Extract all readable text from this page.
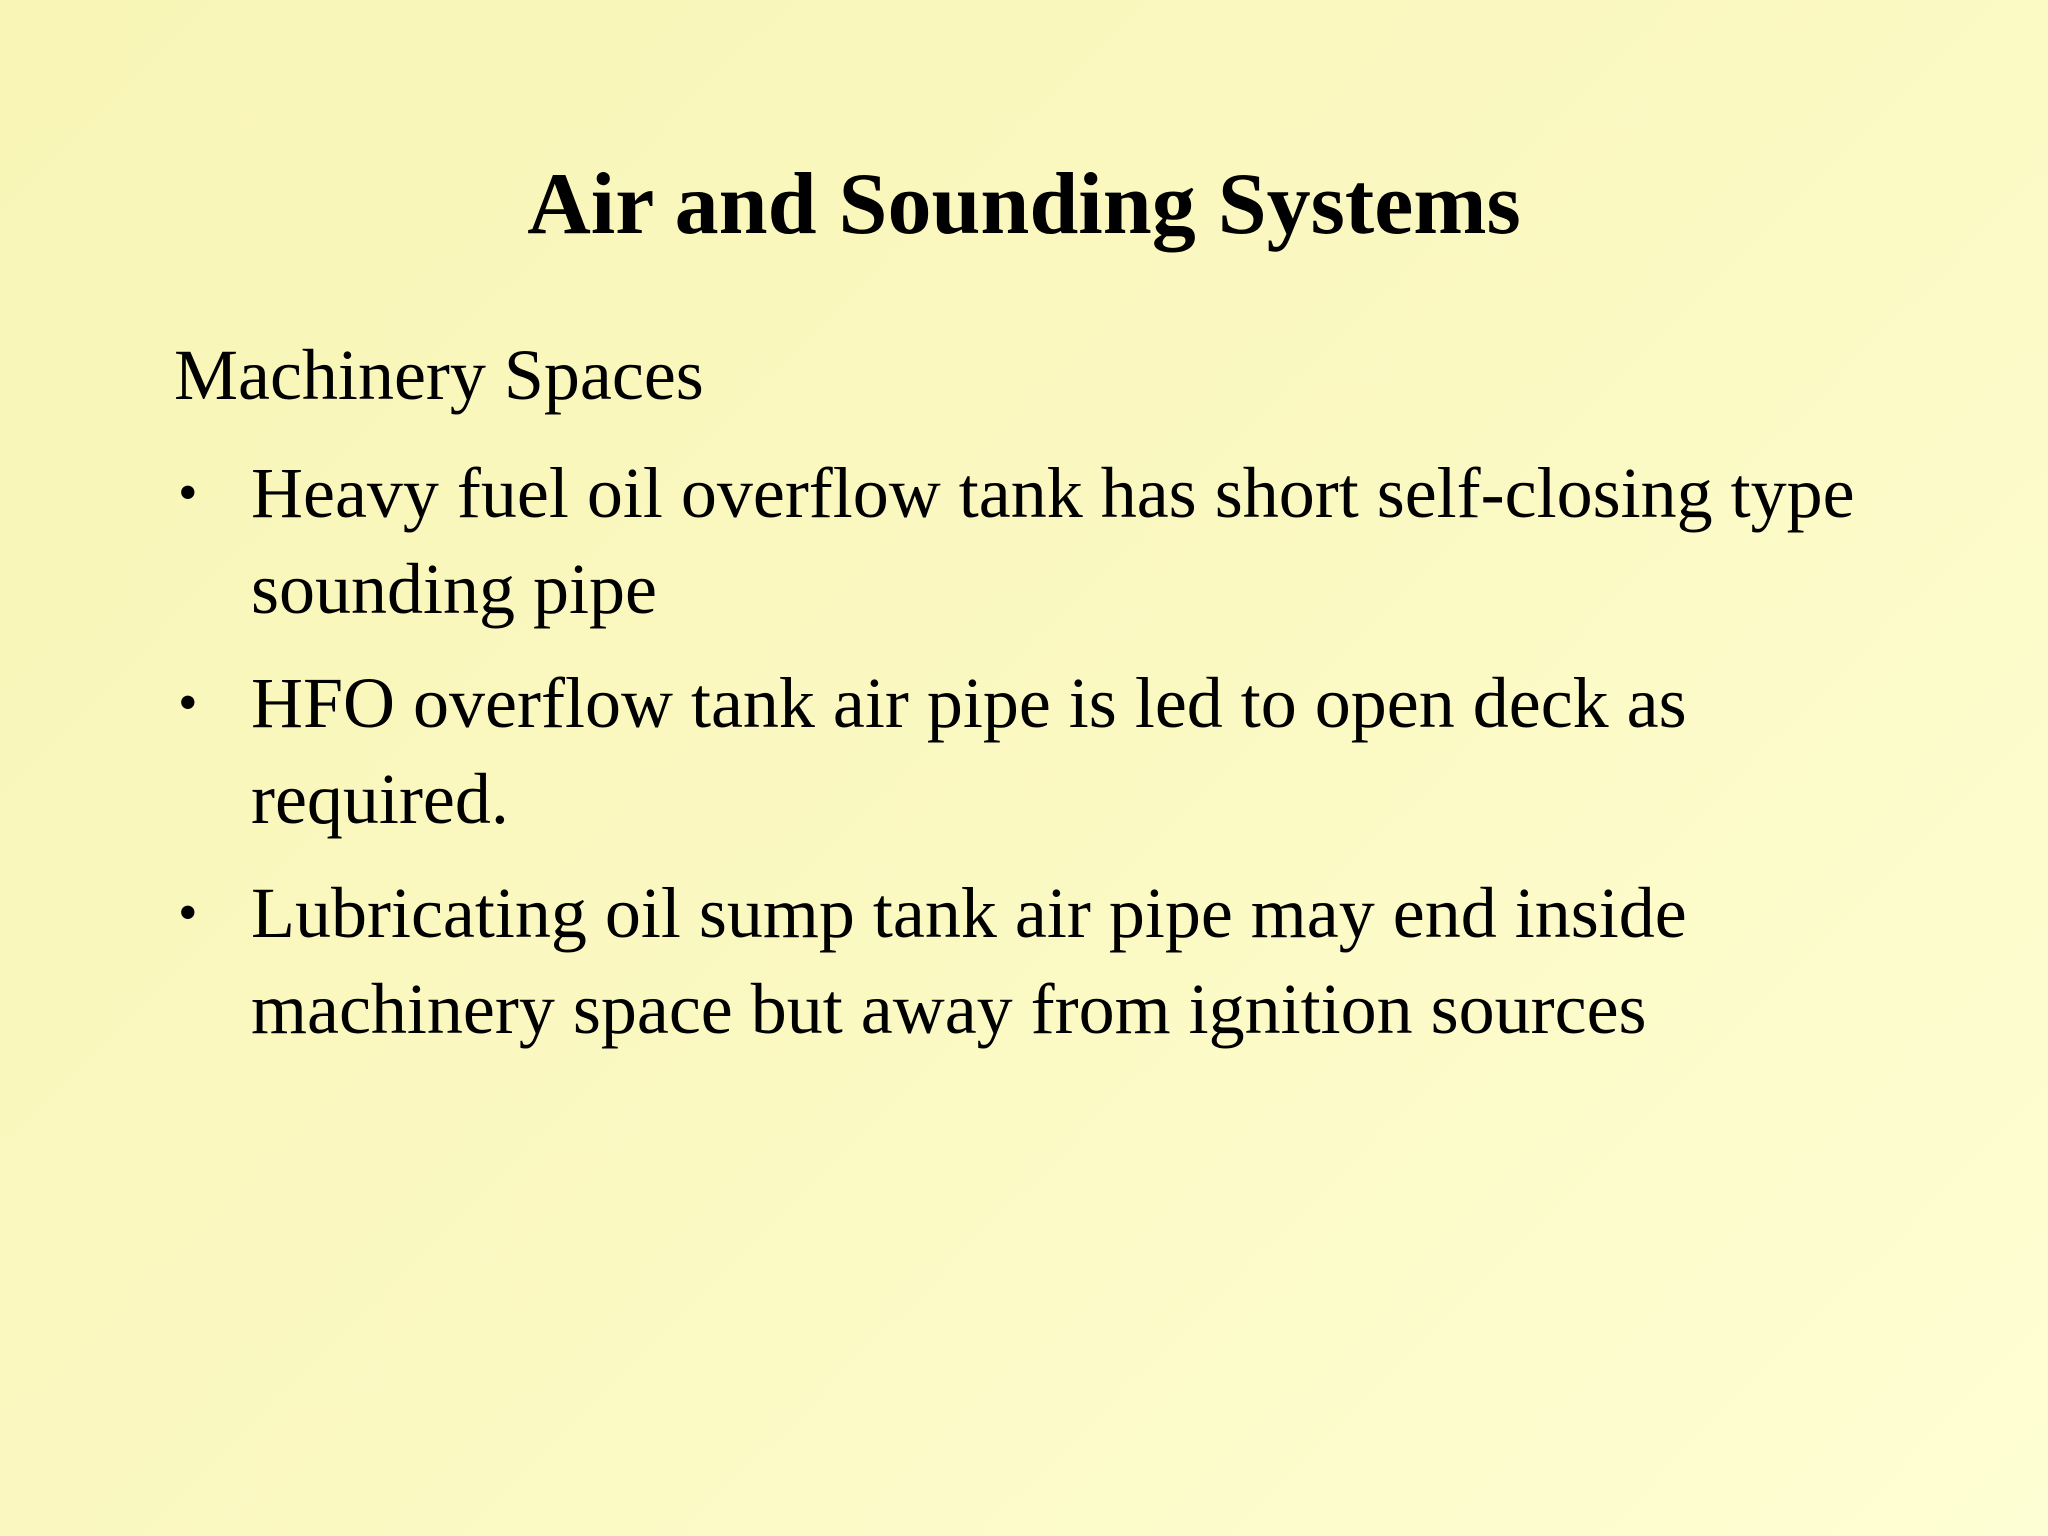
Air and Sounding Systems

Machinery Spaces

• Heavy fuel oil overflow tank has short self-closing type sounding pipe
• HFO overflow tank air pipe is led to open deck as required.
• Lubricating oil sump tank air pipe may end inside machinery space but away from ignition sources
